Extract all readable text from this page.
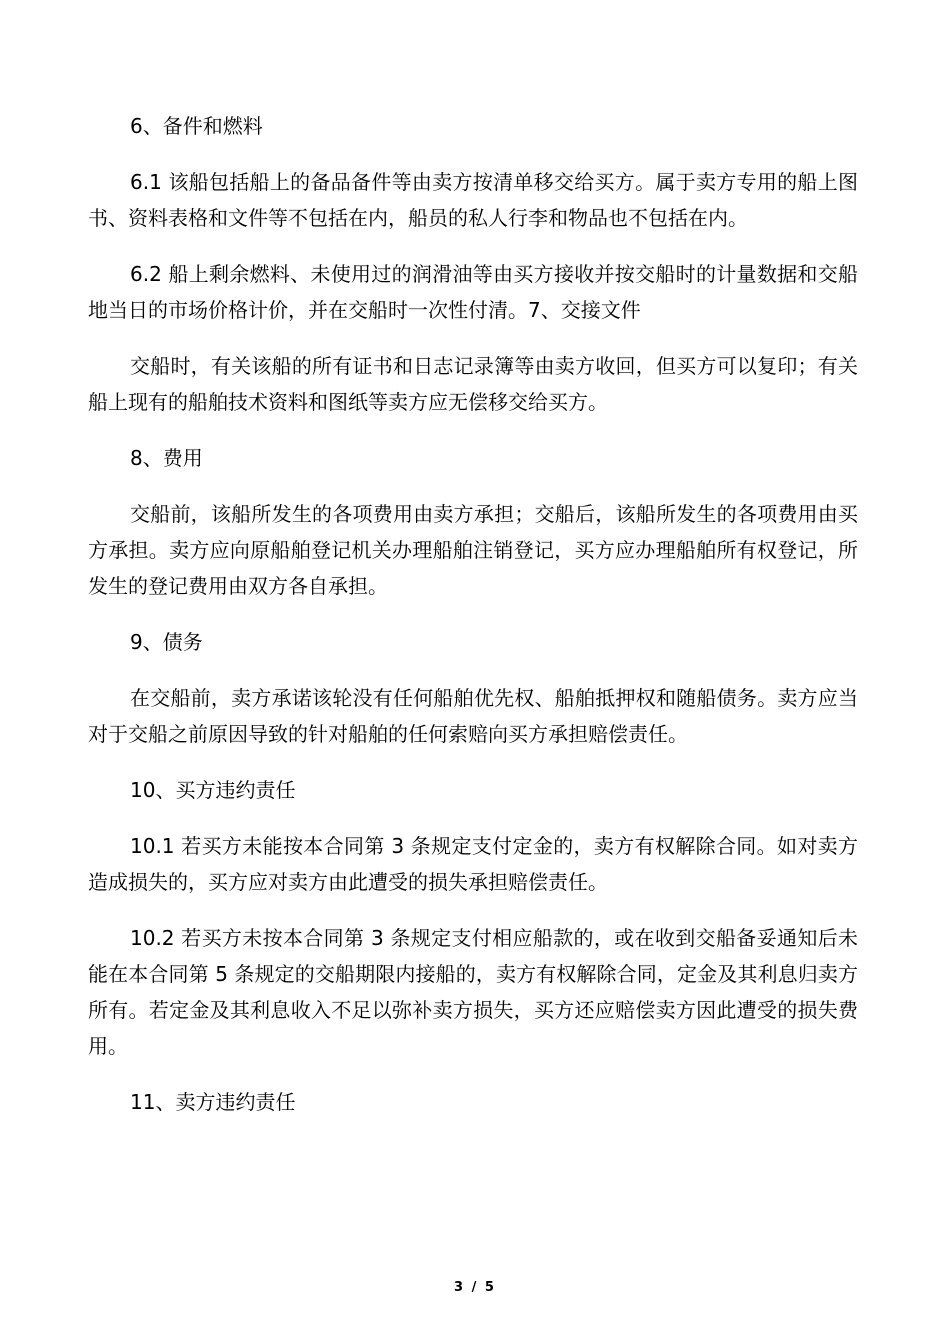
6、备件和燃料

6.1 该船包括船上的备品备件等由卖方按清单移交给买方。属于卖方专用的船上图书、资料表格和文件等不包括在内，船员的私人行李和物品也不包括在内。

6.2 船上剩余燃料、未使用过的润滑油等由买方接收并按交船时的计量数据和交船地当日的市场价格计价，并在交船时一次性付清。7、交接文件

交船时，有关该船的所有证书和日志记录簿等由卖方收回，但买方可以复印；有关船上现有的船舶技术资料和图纸等卖方应无偿移交给买方。

8、费用

交船前，该船所发生的各项费用由卖方承担；交船后，该船所发生的各项费用由买方承担。卖方应向原船舶登记机关办理船舶注销登记，买方应办理船舶所有权登记，所发生的登记费用由双方各自承担。

9、债务

在交船前，卖方承诺该轮没有任何船舶优先权、船舶抵押权和随船债务。卖方应当对于交船之前原因导致的针对船舶的任何索赔向买方承担赔偿责任。

10、买方违约责任

10.1 若买方未能按本合同第 3 条规定支付定金的，卖方有权解除合同。如对卖方造成损失的，买方应对卖方由此遭受的损失承担赔偿责任。

10.2 若买方未按本合同第 3 条规定支付相应船款的，或在收到交船备妥通知后未能在本合同第 5 条规定的交船期限内接船的，卖方有权解除合同，定金及其利息归卖方所有。若定金及其利息收入不足以弥补卖方损失，买方还应赔偿卖方因此遭受的损失费用。

11、卖方违约责任

3 / 5
